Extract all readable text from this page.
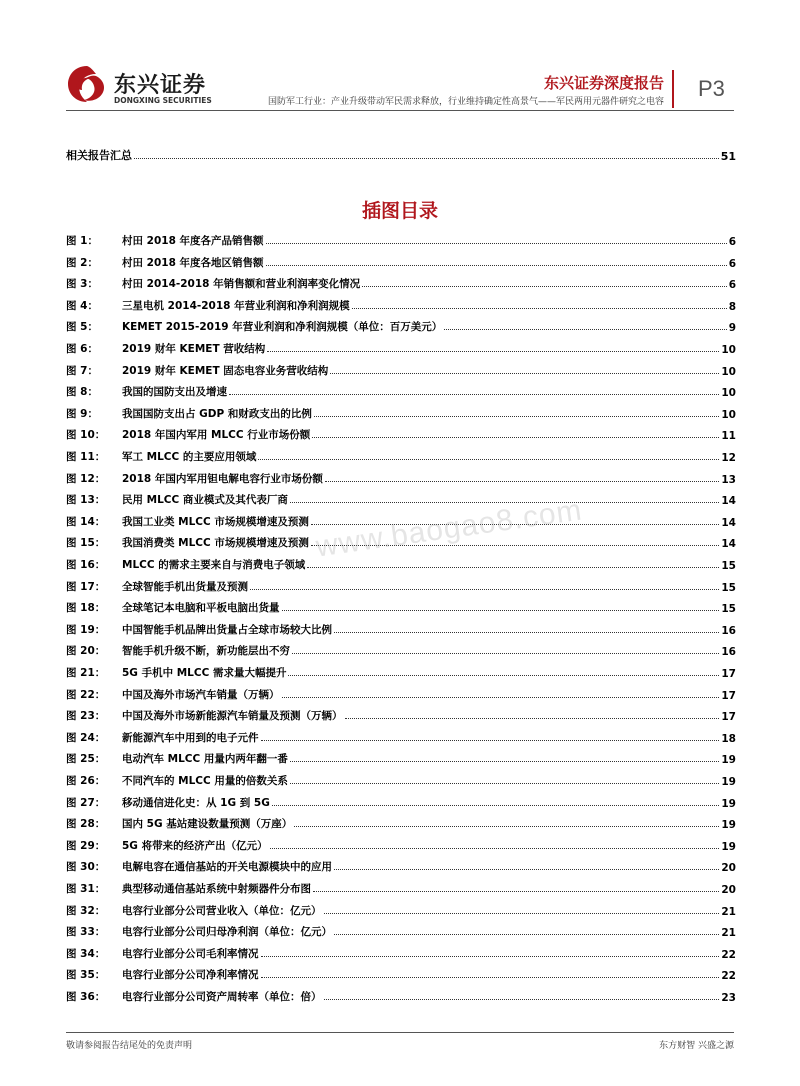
东兴证券
DONGXING SECURITIES
东兴证券深度报告
国防军工行业：产业升级带动军民需求释放，行业维持确定性高景气——军民两用元器件研究之电容
P3
相关报告汇总	51
插图目录
图 1：	村田 2018 年度各产品销售额	6
图 2：	村田 2018 年度各地区销售额	6
图 3：	村田 2014-2018 年销售额和营业利润率变化情况	6
图 4：	三星电机 2014-2018 年营业利润和净利润规模	8
图 5：	KEMET 2015-2019 年营业利润和净利润规模（单位：百万美元）	9
图 6：	2019 财年 KEMET 营收结构	10
图 7：	2019 财年 KEMET 固态电容业务营收结构	10
图 8：	我国的国防支出及增速	10
图 9：	我国国防支出占 GDP 和财政支出的比例	10
图 10：	2018 年国内军用 MLCC 行业市场份额	11
图 11：	军工 MLCC 的主要应用领域	12
图 12：	2018 年国内军用钽电解电容行业市场份额	13
图 13：	民用 MLCC 商业模式及其代表厂商	14
图 14：	我国工业类 MLCC 市场规模增速及预测	14
图 15：	我国消费类 MLCC 市场规模增速及预测	14
图 16：	MLCC 的需求主要来自与消费电子领域	15
图 17：	全球智能手机出货量及预测	15
图 18：	全球笔记本电脑和平板电脑出货量	15
图 19：	中国智能手机品牌出货量占全球市场较大比例	16
图 20：	智能手机升级不断，新功能层出不穷	16
图 21：	5G 手机中 MLCC 需求量大幅提升	17
图 22：	中国及海外市场汽车销量（万辆）	17
图 23：	中国及海外市场新能源汽车销量及预测（万辆）	17
图 24：	新能源汽车中用到的电子元件	18
图 25：	电动汽车 MLCC 用量内两年翻一番	19
图 26：	不同汽车的 MLCC 用量的倍数关系	19
图 27：	移动通信进化史：从 1G 到 5G	19
图 28：	国内 5G 基站建设数量预测（万座）	19
图 29：	5G 将带来的经济产出（亿元）	19
图 30：	电解电容在通信基站的开关电源模块中的应用	20
图 31：	典型移动通信基站系统中射频器件分布图	20
图 32：	电容行业部分公司营业收入（单位：亿元）	21
图 33：	电容行业部分公司归母净利润（单位：亿元）	21
图 34：	电容行业部分公司毛利率情况	22
图 35：	电容行业部分公司净利率情况	22
图 36：	电容行业部分公司资产周转率（单位：倍）	23
www.baogao8.com
敬请参阅报告结尾处的免责声明	东方财智 兴盛之源
